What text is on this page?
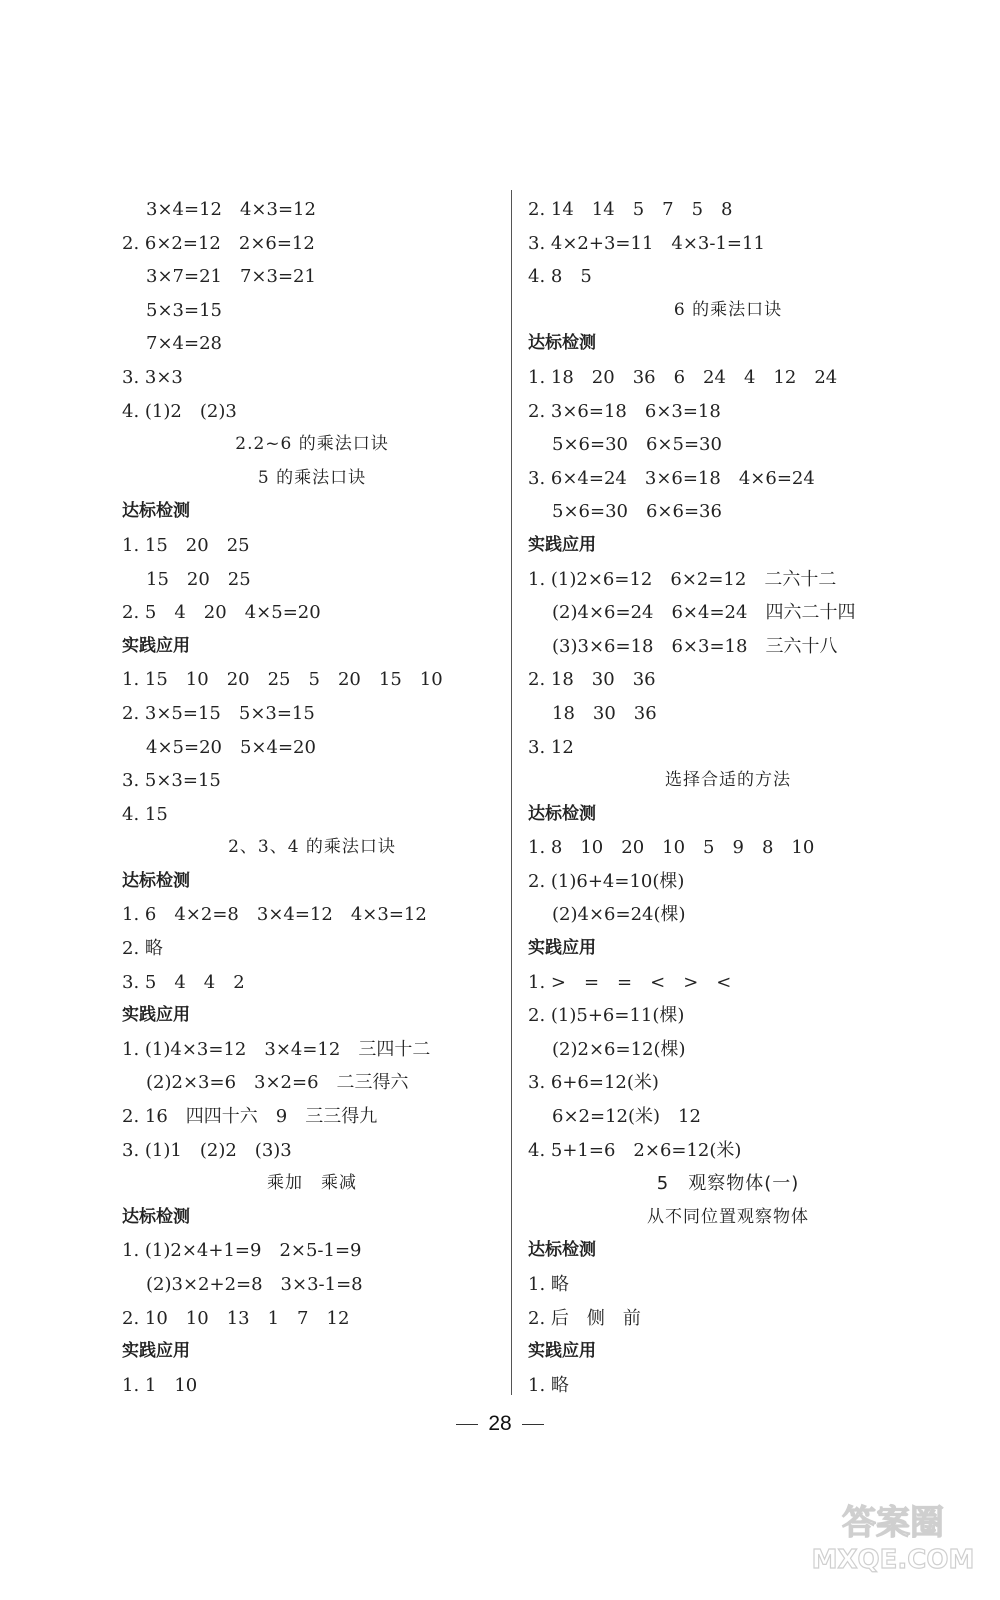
3×4=12　4×3=12
2. 6×2=12　2×6=12
3×7=21　7×3=21
5×3=15
7×4=28
3. 3×3
4. (1)2　(2)3
2.2~6 的乘法口诀
5 的乘法口诀
达标检测
1. 15　20　25
15　20　25
2. 5　4　20　4×5=20
实践应用
1. 15　10　20　25　5　20　15　10
2. 3×5=15　5×3=15
4×5=20　5×4=20
3. 5×3=15
4. 15
2、3、4 的乘法口诀
达标检测
1. 6　4×2=8　3×4=12　4×3=12
2. 略
3. 5　4　4　2
实践应用
1. (1)4×3=12　3×4=12　三四十二
(2)2×3=6　3×2=6　二三得六
2. 16　四四十六　9　三三得九
3. (1)1　(2)2　(3)3
乘加　乘减
达标检测
1. (1)2×4+1=9　2×5-1=9
(2)3×2+2=8　3×3-1=8
2. 10　10　13　1　7　12
实践应用
1. 1　10
2. 14　14　5　7　5　8
3. 4×2+3=11　4×3-1=11
4. 8　5
6 的乘法口诀
达标检测
1. 18　20　36　6　24　4　12　24
2. 3×6=18　6×3=18
5×6=30　6×5=30
3. 6×4=24　3×6=18　4×6=24
5×6=30　6×6=36
实践应用
1. (1)2×6=12　6×2=12　二六十二
(2)4×6=24　6×4=24　四六二十四
(3)3×6=18　6×3=18　三六十八
2. 18　30　36
18　30　36
3. 12
选择合适的方法
达标检测
1. 8　10　20　10　5　9　8　10
2. (1)6+4=10(棵)
(2)4×6=24(棵)
实践应用
1. >　=　=　<　>　<
2. (1)5+6=11(棵)
(2)2×6=12(棵)
3. 6+6=12(米)
6×2=12(米)　12
4. 5+1=6　2×6=12(米)
5　观察物体(一)
从不同位置观察物体
达标检测
1. 略
2. 后　侧　前
实践应用
1. 略
28
答案圈
MXQE.COM
